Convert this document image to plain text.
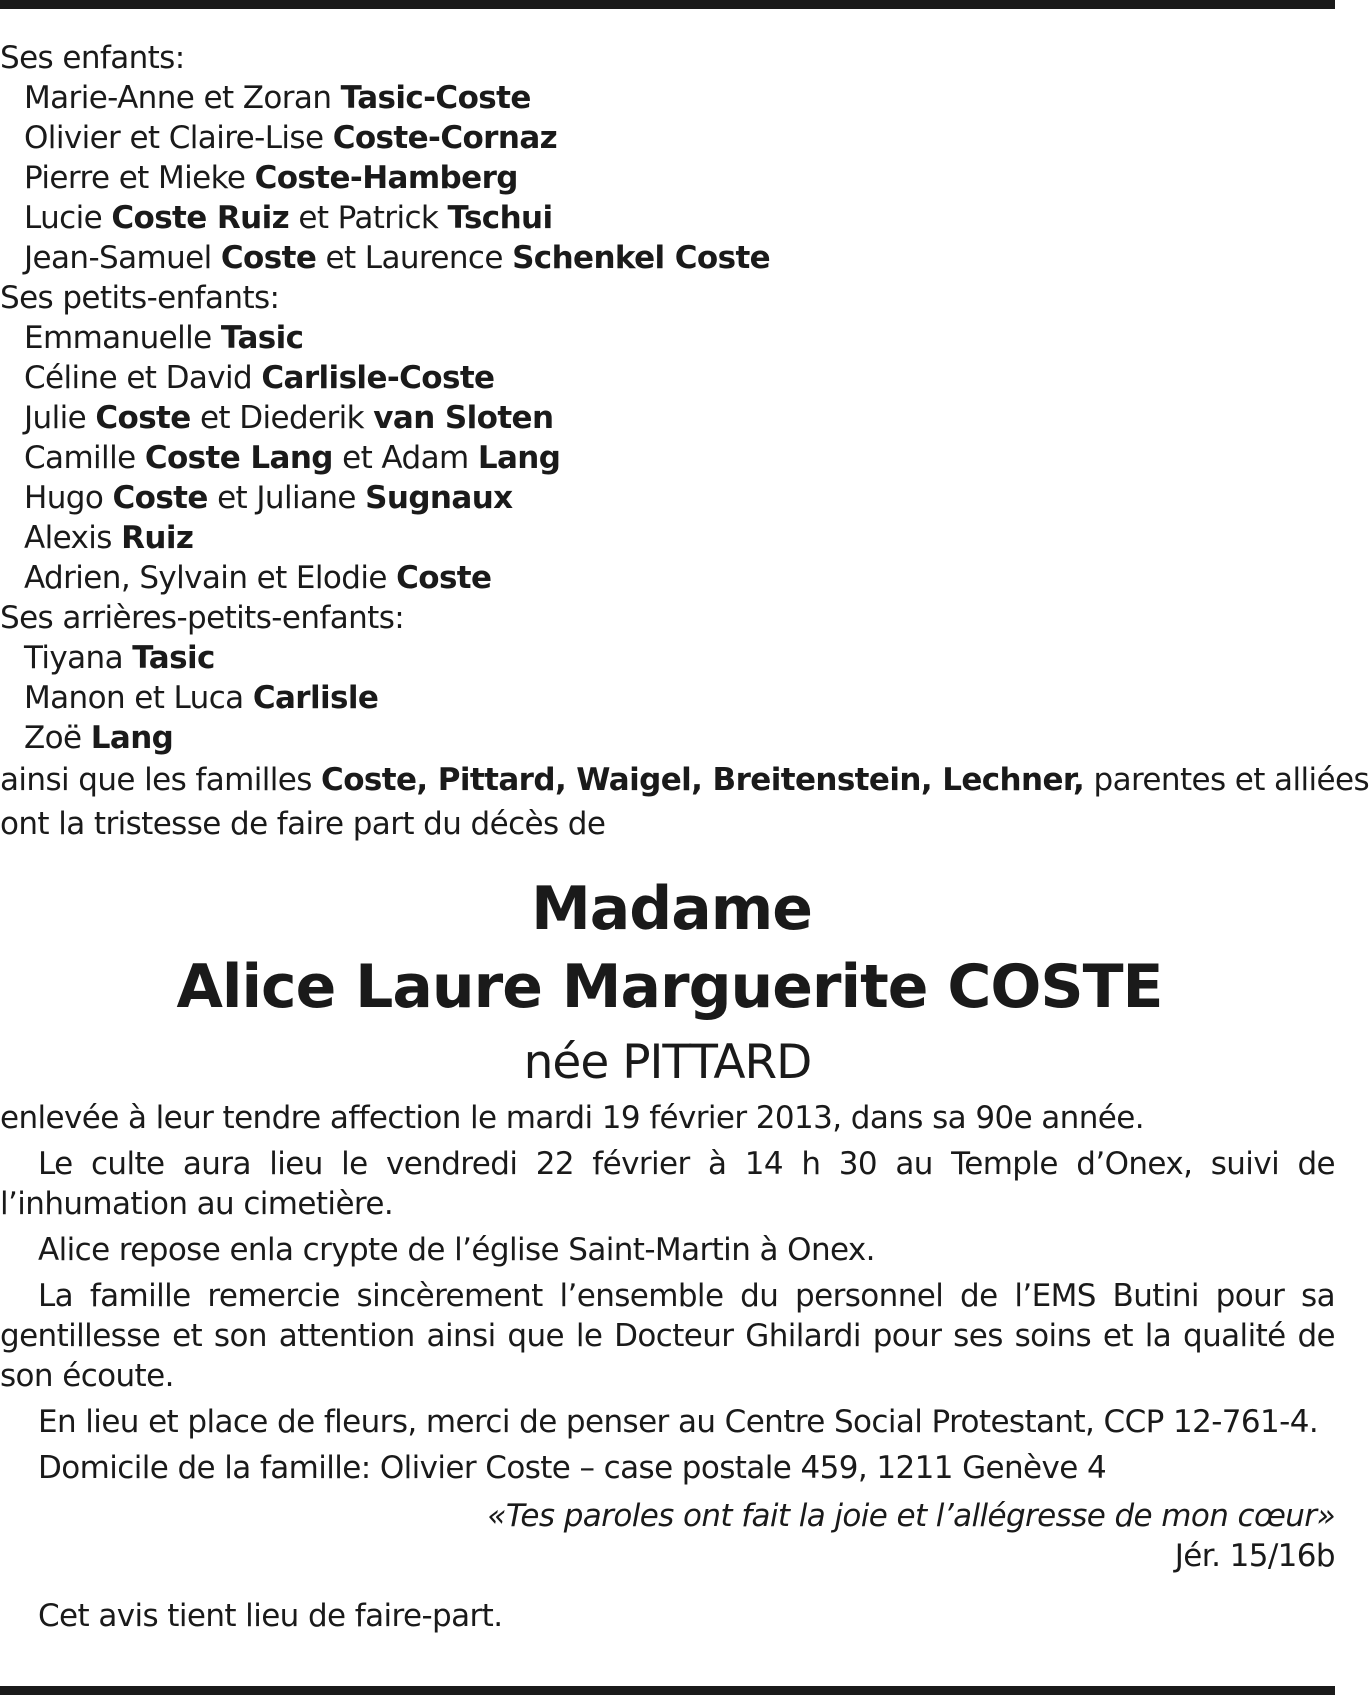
Ses enfants:
Marie-Anne et Zoran Tasic-Coste
Olivier et Claire-Lise Coste-Cornaz
Pierre et Mieke Coste-Hamberg
Lucie Coste Ruiz et Patrick Tschui
Jean-Samuel Coste et Laurence Schenkel Coste
Ses petits-enfants:
Emmanuelle Tasic
Céline et David Carlisle-Coste
Julie Coste et Diederik van Sloten
Camille Coste Lang et Adam Lang
Hugo Coste et Juliane Sugnaux
Alexis Ruiz
Adrien, Sylvain et Elodie Coste
Ses arrières-petits-enfants:
Tiyana Tasic
Manon et Luca Carlisle
Zoë Lang
ainsi que les familles Coste, Pittard, Waigel, Breitenstein, Lechner, parentes et alliées
ont la tristesse de faire part du décès de
Madame
Alice Laure Marguerite COSTE
née PITTARD
enlevée à leur tendre affection le mardi 19 février 2013, dans sa 90e année.
Le culte aura lieu le vendredi 22 février à 14 h 30 au Temple d’Onex, suivi de l’inhumation au cimetière.
Alice repose enla crypte de l’église Saint-Martin à Onex.
La famille remercie sincèrement l’ensemble du personnel de l’EMS Butini pour sa gentillesse et son attention ainsi que le Docteur Ghilardi pour ses soins et la qualité de son écoute.
En lieu et place de fleurs, merci de penser au Centre Social Protestant, CCP 12-761-4.
Domicile de la famille: Olivier Coste – case postale 459, 1211 Genève 4
«Tes paroles ont fait la joie et l’allégresse de mon cœur»
Jér. 15/16b
Cet avis tient lieu de faire-part.
